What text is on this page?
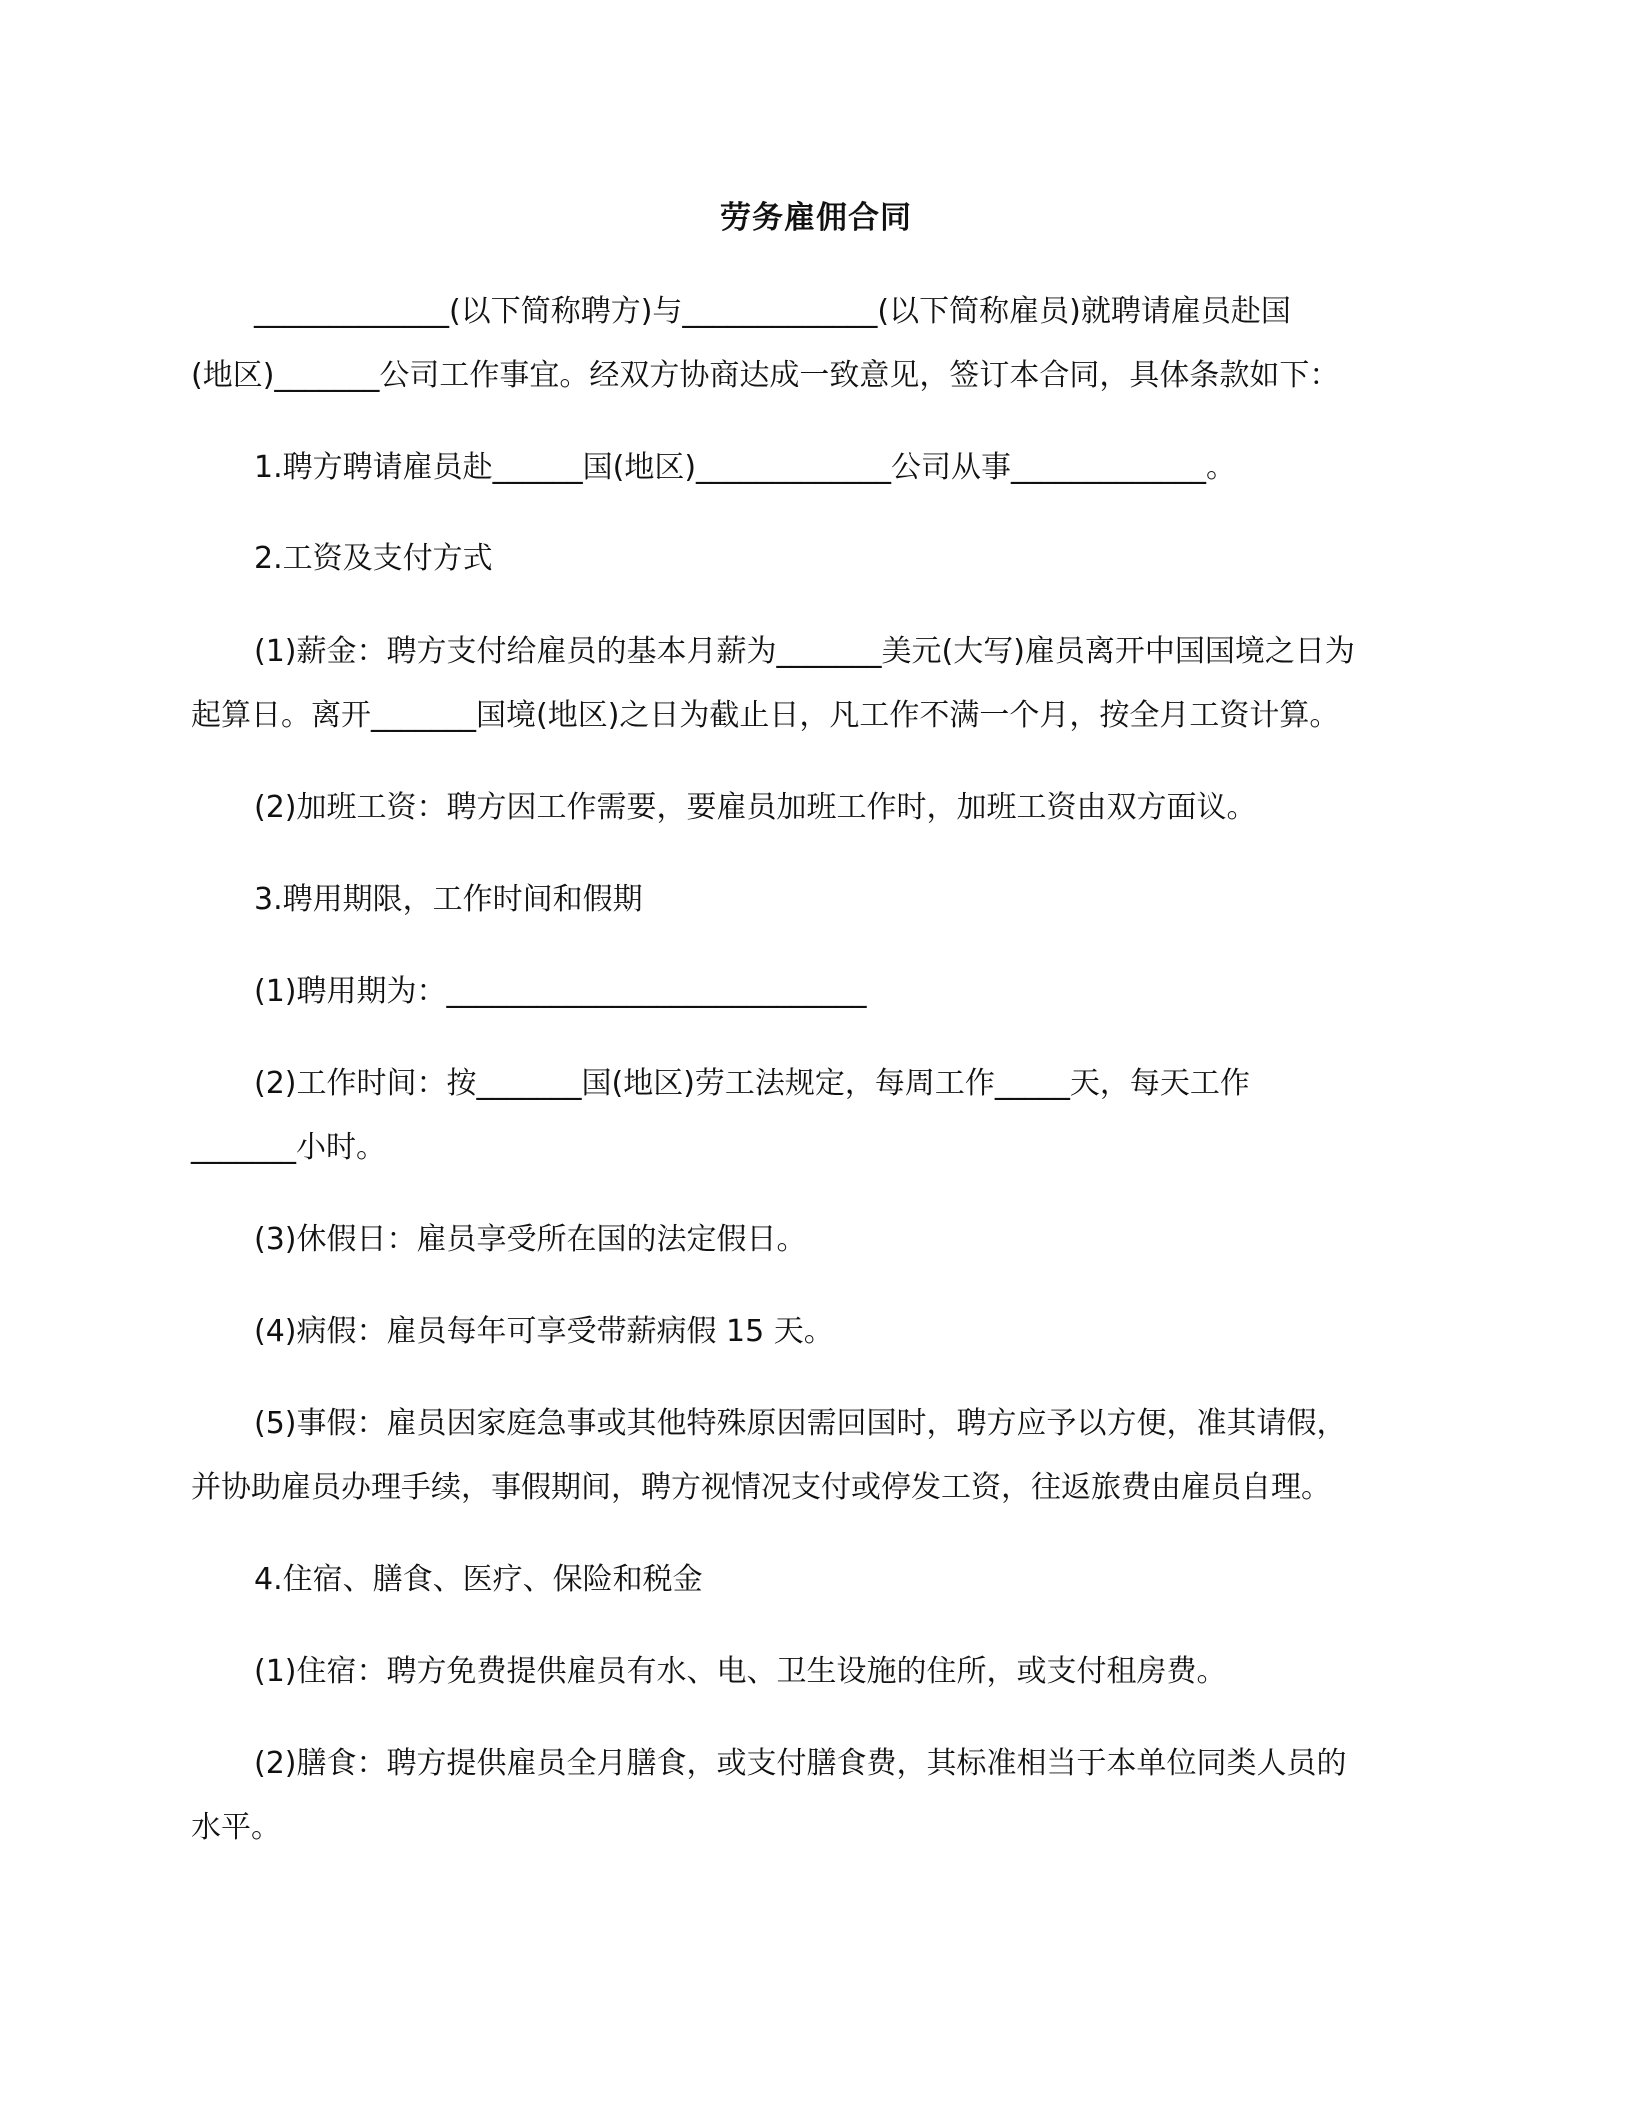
劳务雇佣合同
_____________(以下简称聘方)与_____________(以下简称雇员)就聘请雇员赴国
(地区)_______公司工作事宜。经双方协商达成一致意见，签订本合同，具体条款如下：
1.聘方聘请雇员赴______国(地区)_____________公司从事_____________。
2.工资及支付方式
(1)薪金：聘方支付给雇员的基本月薪为_______美元(大写)雇员离开中国国境之日为
起算日。离开_______国境(地区)之日为截止日，凡工作不满一个月，按全月工资计算。
(2)加班工资：聘方因工作需要，要雇员加班工作时，加班工资由双方面议。
3.聘用期限，工作时间和假期
(1)聘用期为：____________________________
(2)工作时间：按_______国(地区)劳工法规定，每周工作_____天，每天工作
_______小时。
(3)休假日：雇员享受所在国的法定假日。
(4)病假：雇员每年可享受带薪病假 15 天。
(5)事假：雇员因家庭急事或其他特殊原因需回国时，聘方应予以方便，准其请假，
并协助雇员办理手续，事假期间，聘方视情况支付或停发工资，往返旅费由雇员自理。
4.住宿、膳食、医疗、保险和税金
(1)住宿：聘方免费提供雇员有水、电、卫生设施的住所，或支付租房费。
(2)膳食：聘方提供雇员全月膳食，或支付膳食费，其标准相当于本单位同类人员的
水平。
